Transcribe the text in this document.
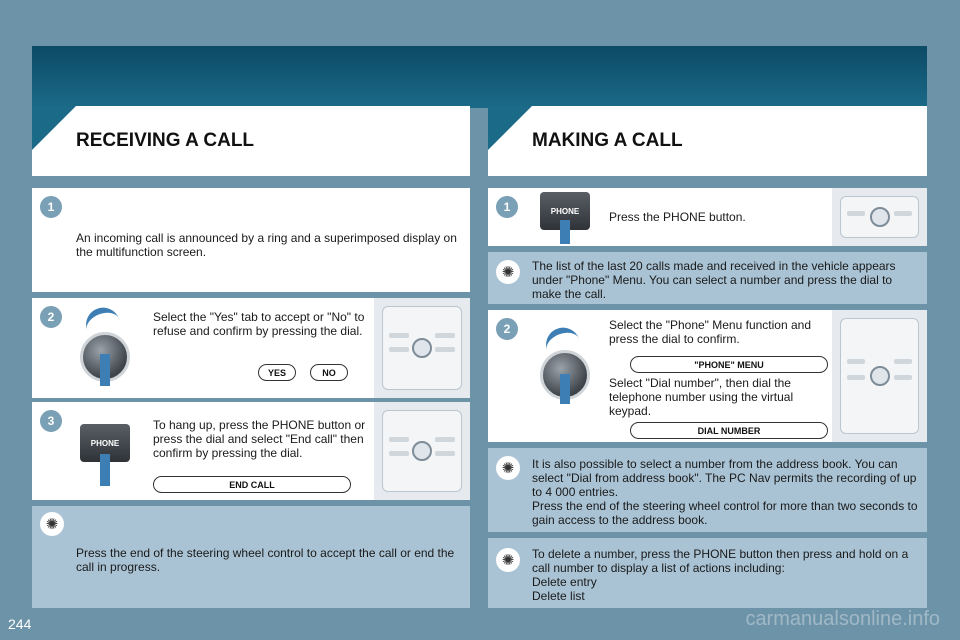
RECEIVING A CALL
1
An incoming call is announced by a ring and a superimposed display on the multifunction screen.
2	Select the "Yes" tab to accept or "No" to refuse and confirm by pressing the dial.
YES	NO
3
PHONE
To hang up, press the PHONE button or press the dial and select "End call" then confirm by pressing the dial.
END CALL
✺
Press the end of the steering wheel control to accept the call or end the call in progress.
MAKING A CALL
1	PHONE	Press the PHONE button.
✺	The list of the last 20 calls made and received in the vehicle appears under "Phone" Menu. You can select a number and press the dial to make the call.
2	Select the "Phone" Menu function and press the dial to confirm.
"PHONE" MENU
Select "Dial number", then dial the telephone number using the virtual keypad.
DIAL NUMBER
✺	It is also possible to select a number from the address book. You can select "Dial from address book". The PC Nav permits the recording of up to 4 000 entries.
Press the end of the steering wheel control for more than two seconds to gain access to the address book.
✺	To delete a number, press the PHONE button then press and hold on a call number to display a list of actions including:
Delete entry
Delete list
244	carmanualsonline.info
